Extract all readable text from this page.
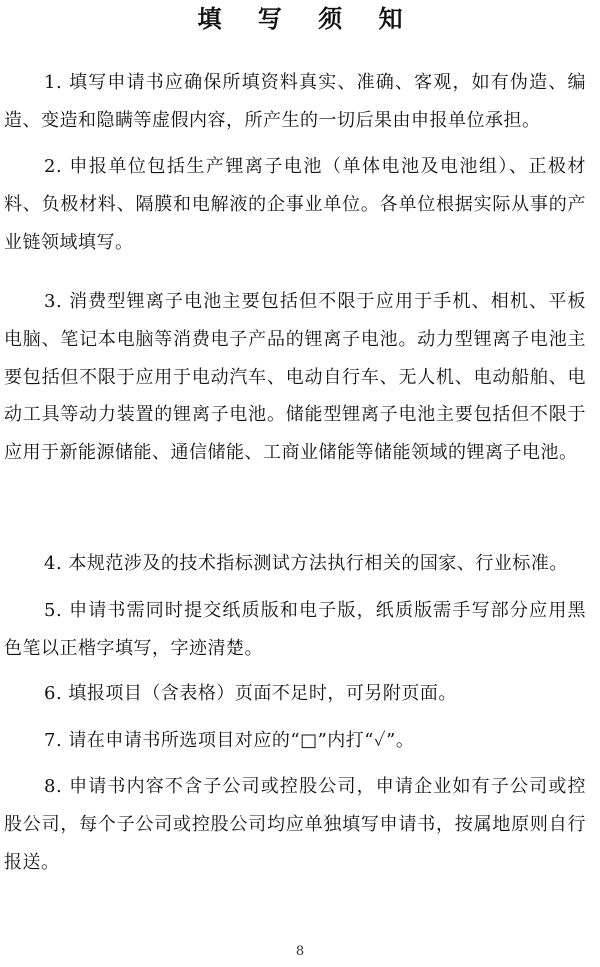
填 写 须 知

1. 填写申请书应确保所填资料真实、准确、客观，如有伪造、编造、变造和隐瞒等虚假内容，所产生的一切后果由申报单位承担。

2. 申报单位包括生产锂离子电池（单体电池及电池组）、正极材料、负极材料、隔膜和电解液的企事业单位。各单位根据实际从事的产业链领域填写。

3. 消费型锂离子电池主要包括但不限于应用于手机、相机、平板电脑、笔记本电脑等消费电子产品的锂离子电池。动力型锂离子电池主要包括但不限于应用于电动汽车、电动自行车、无人机、电动船舶、电动工具等动力装置的锂离子电池。储能型锂离子电池主要包括但不限于应用于新能源储能、通信储能、工商业储能等储能领域的锂离子电池。

4. 本规范涉及的技术指标测试方法执行相关的国家、行业标准。

5. 申请书需同时提交纸质版和电子版，纸质版需手写部分应用黑色笔以正楷字填写，字迹清楚。

6. 填报项目（含表格）页面不足时，可另附页面。

7. 请在申请书所选项目对应的“□”内打“✓”。

8. 申请书内容不含子公司或控股公司，申请企业如有子公司或控股公司，每个子公司或控股公司均应单独填写申请书，按属地原则自行报送。

8
